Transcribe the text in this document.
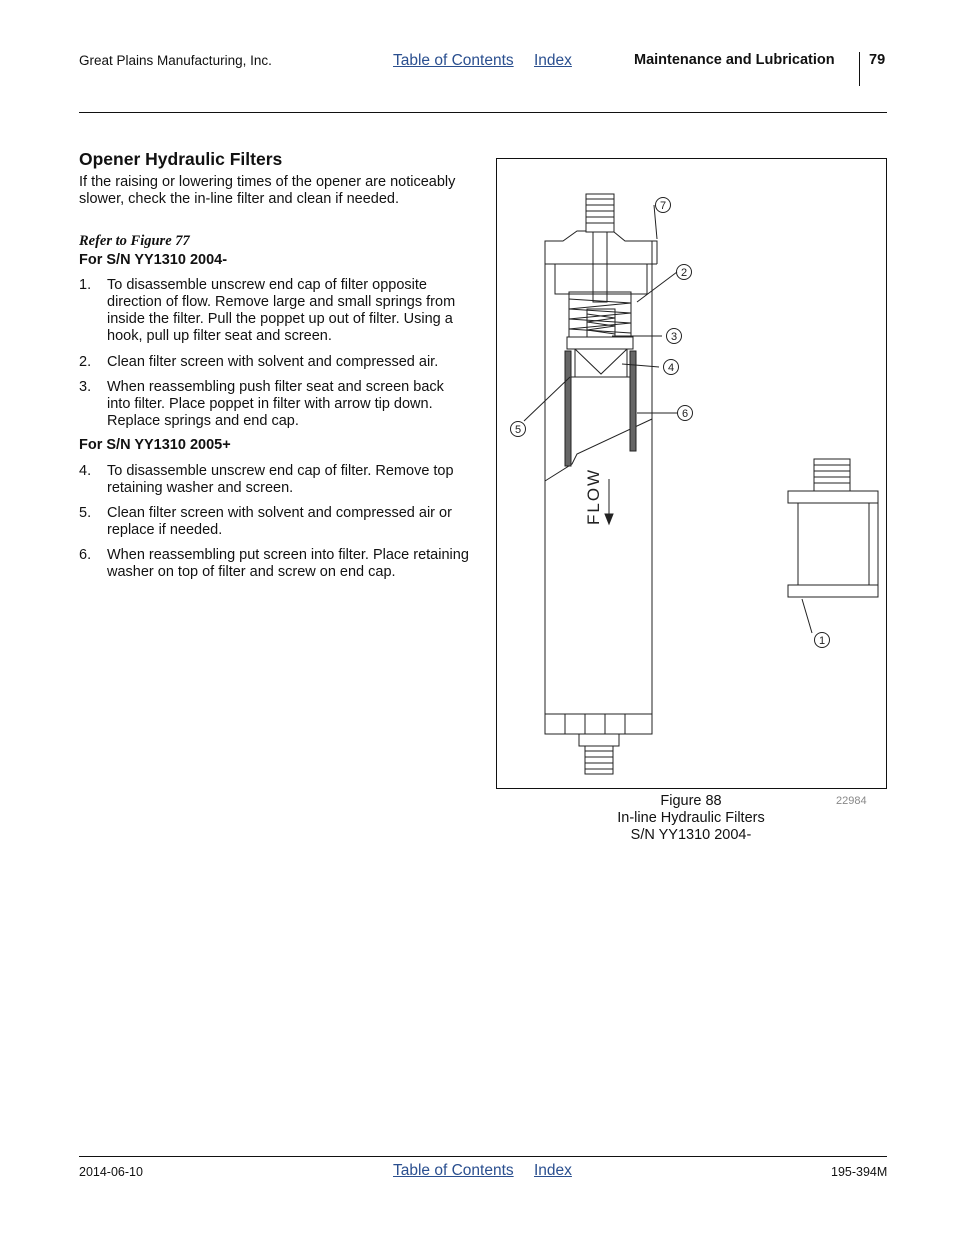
Great Plains Manufacturing, Inc.	Table of Contents Index	Maintenance and Lubrication 79
Opener Hydraulic Filters
If the raising or lowering times of the opener are noticeably slower, check the in-line filter and clean if needed.
Refer to Figure 77
For S/N YY1310 2004-
1. To disassemble unscrew end cap of filter opposite direction of flow. Remove large and small springs from inside the filter. Pull the poppet up out of filter. Using a hook, pull up filter seat and screen.
2. Clean filter screen with solvent and compressed air.
3. When reassembling push filter seat and screen back into filter. Place poppet in filter with arrow tip down. Replace springs and end cap.
For S/N YY1310 2005+
4. To disassemble unscrew end cap of filter. Remove top retaining washer and screen.
5. Clean filter screen with solvent and compressed air or replace if needed.
6. When reassembling put screen into filter. Place retaining washer on top of filter and screw on end cap.
FLOW
7
2
3
4
6
5
1
22984
Figure 88
In-line Hydraulic Filters
S/N YY1310 2004-
2014-06-10	Table of Contents Index	195-394M
